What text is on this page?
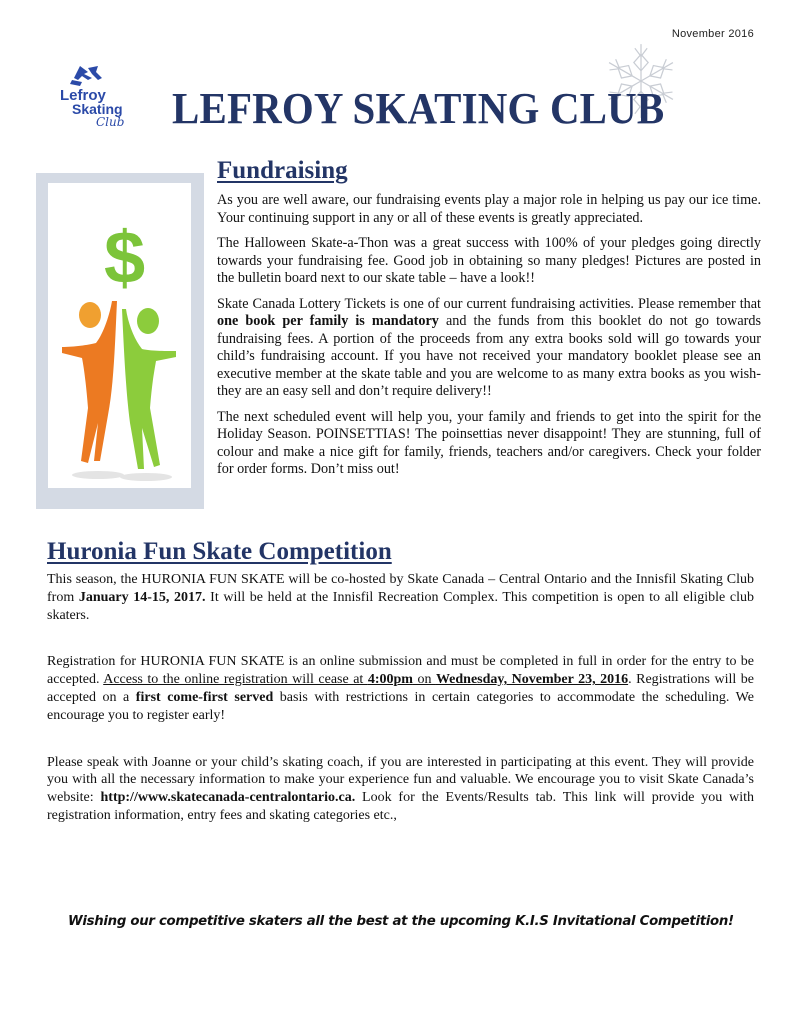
November 2016
Lefroy
Skating
Club LEFROY SKATING CLUB
$
Fundraising

As you are well aware, our fundraising events play a major role in helping us pay our ice time. Your continuing support in any or all of these events is greatly appreciated.

The Halloween Skate-a-Thon was a great success with 100% of your pledges going directly towards your fundraising fee. Good job in obtaining so many pledges! Pictures are posted in the bulletin board next to our skate table – have a look!!

Skate Canada Lottery Tickets is one of our current fundraising activities. Please remember that one book per family is mandatory and the funds from this booklet do not go towards fundraising fees. A portion of the proceeds from any extra books sold will go towards your child’s fundraising account. If you have not received your mandatory booklet please see an executive member at the skate table and you are welcome to as many extra books as you wish-they are an easy sell and don’t require delivery!!

The next scheduled event will help you, your family and friends to get into the spirit for the Holiday Season. POINSETTIAS! The poinsettias never disappoint! They are stunning, full of colour and make a nice gift for family, friends, teachers and/or caregivers. Check your folder for order forms. Don’t miss out!

Huronia Fun Skate Competition

This season, the HURONIA FUN SKATE will be co-hosted by Skate Canada – Central Ontario and the Innisfil Skating Club from January 14-15, 2017. It will be held at the Innisfil Recreation Complex. This competition is open to all eligible club skaters.

Registration for HURONIA FUN SKATE is an online submission and must be completed in full in order for the entry to be accepted. Access to the online registration will cease at 4:00pm on Wednesday, November 23, 2016. Registrations will be accepted on a first come-first served basis with restrictions in certain categories to accommodate the scheduling. We encourage you to register early!

Please speak with Joanne or your child’s skating coach, if you are interested in participating at this event. They will provide you with all the necessary information to make your experience fun and valuable. We encourage you to visit Skate Canada’s website: http://www.skatecanada-centralontario.ca. Look for the Events/Results tab. This link will provide you with registration information, entry fees and skating categories etc.,

Wishing our competitive skaters all the best at the upcoming K.I.S Invitational Competition!
